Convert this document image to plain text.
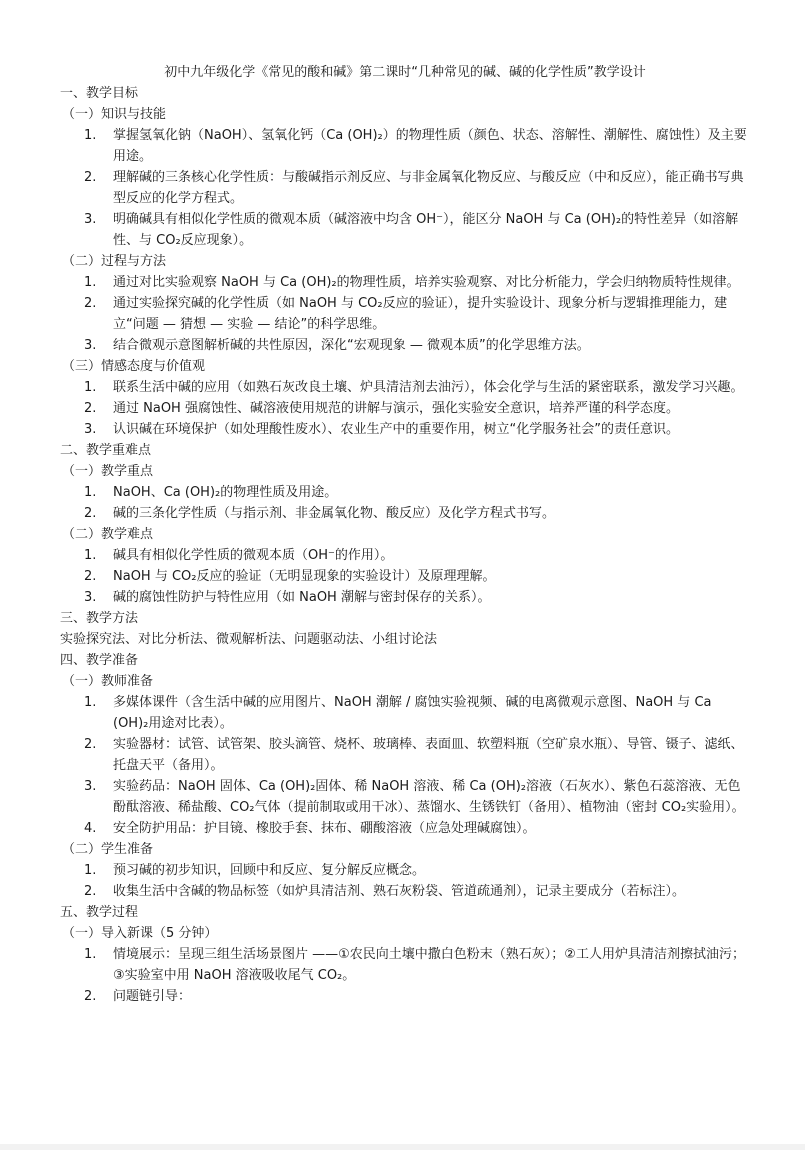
初中九年级化学《常见的酸和碱》第二课时“几种常见的碱、碱的化学性质”教学设计

一、教学目标

（一）知识与技能

1. 掌握氢氧化钠（NaOH）、氢氧化钙（Ca (OH)₂）的物理性质（颜色、状态、溶解性、潮解性、腐蚀性）及主要用途。
2. 理解碱的三条核心化学性质：与酸碱指示剂反应、与非金属氧化物反应、与酸反应（中和反应），能正确书写典型反应的化学方程式。
3. 明确碱具有相似化学性质的微观本质（碱溶液中均含 OH⁻），能区分 NaOH 与 Ca (OH)₂的特性差异（如溶解性、与 CO₂反应现象）。

（二）过程与方法

1. 通过对比实验观察 NaOH 与 Ca (OH)₂的物理性质，培养实验观察、对比分析能力，学会归纳物质特性规律。
2. 通过实验探究碱的化学性质（如 NaOH 与 CO₂反应的验证），提升实验设计、现象分析与逻辑推理能力，建立“问题 — 猜想 — 实验 — 结论”的科学思维。
3. 结合微观示意图解析碱的共性原因，深化“宏观现象 — 微观本质”的化学思维方法。

（三）情感态度与价值观

1. 联系生活中碱的应用（如熟石灰改良土壤、炉具清洁剂去油污），体会化学与生活的紧密联系，激发学习兴趣。
2. 通过 NaOH 强腐蚀性、碱溶液使用规范的讲解与演示，强化实验安全意识，培养严谨的科学态度。
3. 认识碱在环境保护（如处理酸性废水）、农业生产中的重要作用，树立“化学服务社会”的责任意识。

二、教学重难点

（一）教学重点

1. NaOH、Ca (OH)₂的物理性质及用途。
2. 碱的三条化学性质（与指示剂、非金属氧化物、酸反应）及化学方程式书写。

（二）教学难点

1. 碱具有相似化学性质的微观本质（OH⁻的作用）。
2. NaOH 与 CO₂反应的验证（无明显现象的实验设计）及原理理解。
3. 碱的腐蚀性防护与特性应用（如 NaOH 潮解与密封保存的关系）。

三、教学方法

实验探究法、对比分析法、微观解析法、问题驱动法、小组讨论法

四、教学准备

（一）教师准备

1. 多媒体课件（含生活中碱的应用图片、NaOH 潮解 / 腐蚀实验视频、碱的电离微观示意图、NaOH 与 Ca (OH)₂用途对比表）。
2. 实验器材：试管、试管架、胶头滴管、烧杯、玻璃棒、表面皿、软塑料瓶（空矿泉水瓶）、导管、镊子、滤纸、托盘天平（备用）。
3. 实验药品：NaOH 固体、Ca (OH)₂固体、稀 NaOH 溶液、稀 Ca (OH)₂溶液（石灰水）、紫色石蕊溶液、无色酚酞溶液、稀盐酸、CO₂气体（提前制取或用干冰）、蒸馏水、生锈铁钉（备用）、植物油（密封 CO₂实验用）。
4. 安全防护用品：护目镜、橡胶手套、抹布、硼酸溶液（应急处理碱腐蚀）。

（二）学生准备

1. 预习碱的初步知识，回顾中和反应、复分解反应概念。
2. 收集生活中含碱的物品标签（如炉具清洁剂、熟石灰粉袋、管道疏通剂），记录主要成分（若标注）。

五、教学过程

（一）导入新课（5 分钟）

1. 情境展示：呈现三组生活场景图片 ——①农民向土壤中撒白色粉末（熟石灰）；②工人用炉具清洁剂擦拭油污；③实验室中用 NaOH 溶液吸收尾气 CO₂。
2. 问题链引导：
